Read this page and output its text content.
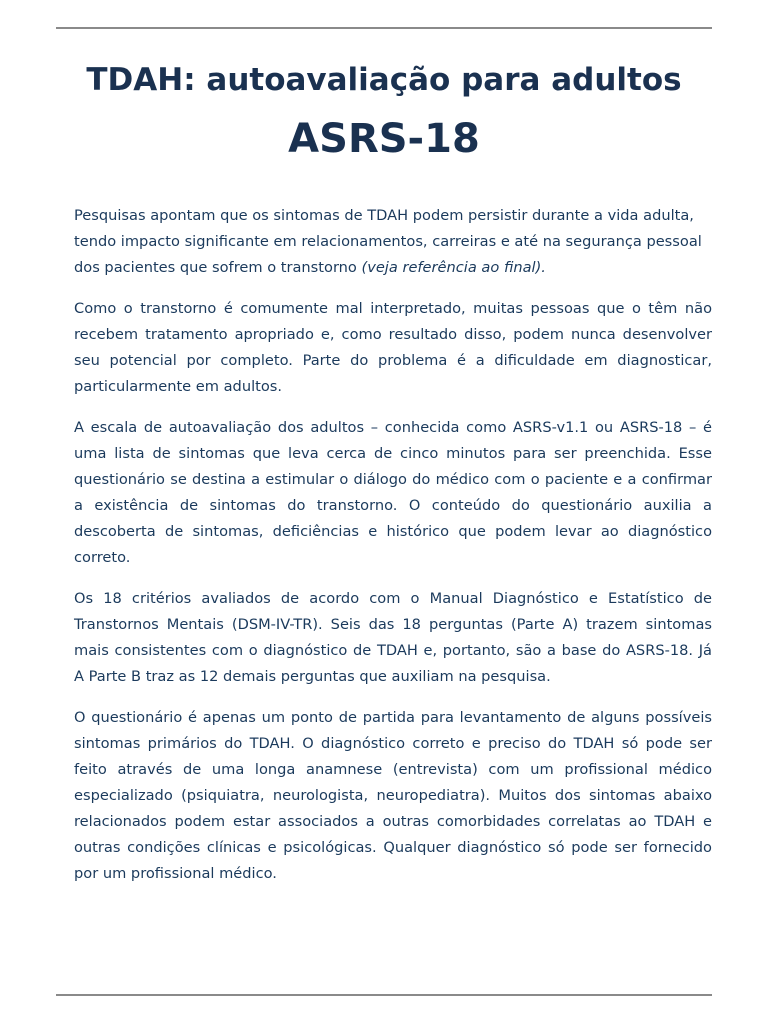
TDAH: autoavaliação para adultos
ASRS-18

Pesquisas apontam que os sintomas de TDAH podem persistir durante a vida adulta, tendo impacto significante em relacionamentos, carreiras e até na segurança pessoal dos pacientes que sofrem o transtorno (veja referência ao final).

Como o transtorno é comumente mal interpretado, muitas pessoas que o têm não recebem tratamento apropriado e, como resultado disso, podem nunca desenvolver seu potencial por completo. Parte do problema é a dificuldade em diagnosticar, particularmente em adultos.

A escala de autoavaliação dos adultos – conhecida como ASRS-v1.1 ou ASRS-18 – é uma lista de sintomas que leva cerca de cinco minutos para ser preenchida. Esse questionário se destina a estimular o diálogo do médico com o paciente e a confirmar a existência de sintomas do transtorno. O conteúdo do questionário auxilia a descoberta de sintomas, deficiências e histórico que podem levar ao diagnóstico correto.

Os 18 critérios avaliados de acordo com o Manual Diagnóstico e Estatístico de Transtornos Mentais (DSM-IV-TR). Seis das 18 perguntas (Parte A) trazem sintomas mais consistentes com o diagnóstico de TDAH e, portanto, são a base do ASRS-18. Já A Parte B traz as 12 demais perguntas que auxiliam na pesquisa.

O questionário é apenas um ponto de partida para levantamento de alguns possíveis sintomas primários do TDAH. O diagnóstico correto e preciso do TDAH só pode ser feito através de uma longa anamnese (entrevista) com um profissional médico especializado (psiquiatra, neurologista, neuropediatra). Muitos dos sintomas abaixo relacionados podem estar associados a outras comorbidades correlatas ao TDAH e outras condições clínicas e psicológicas. Qualquer diagnóstico só pode ser fornecido por um profissional médico.
